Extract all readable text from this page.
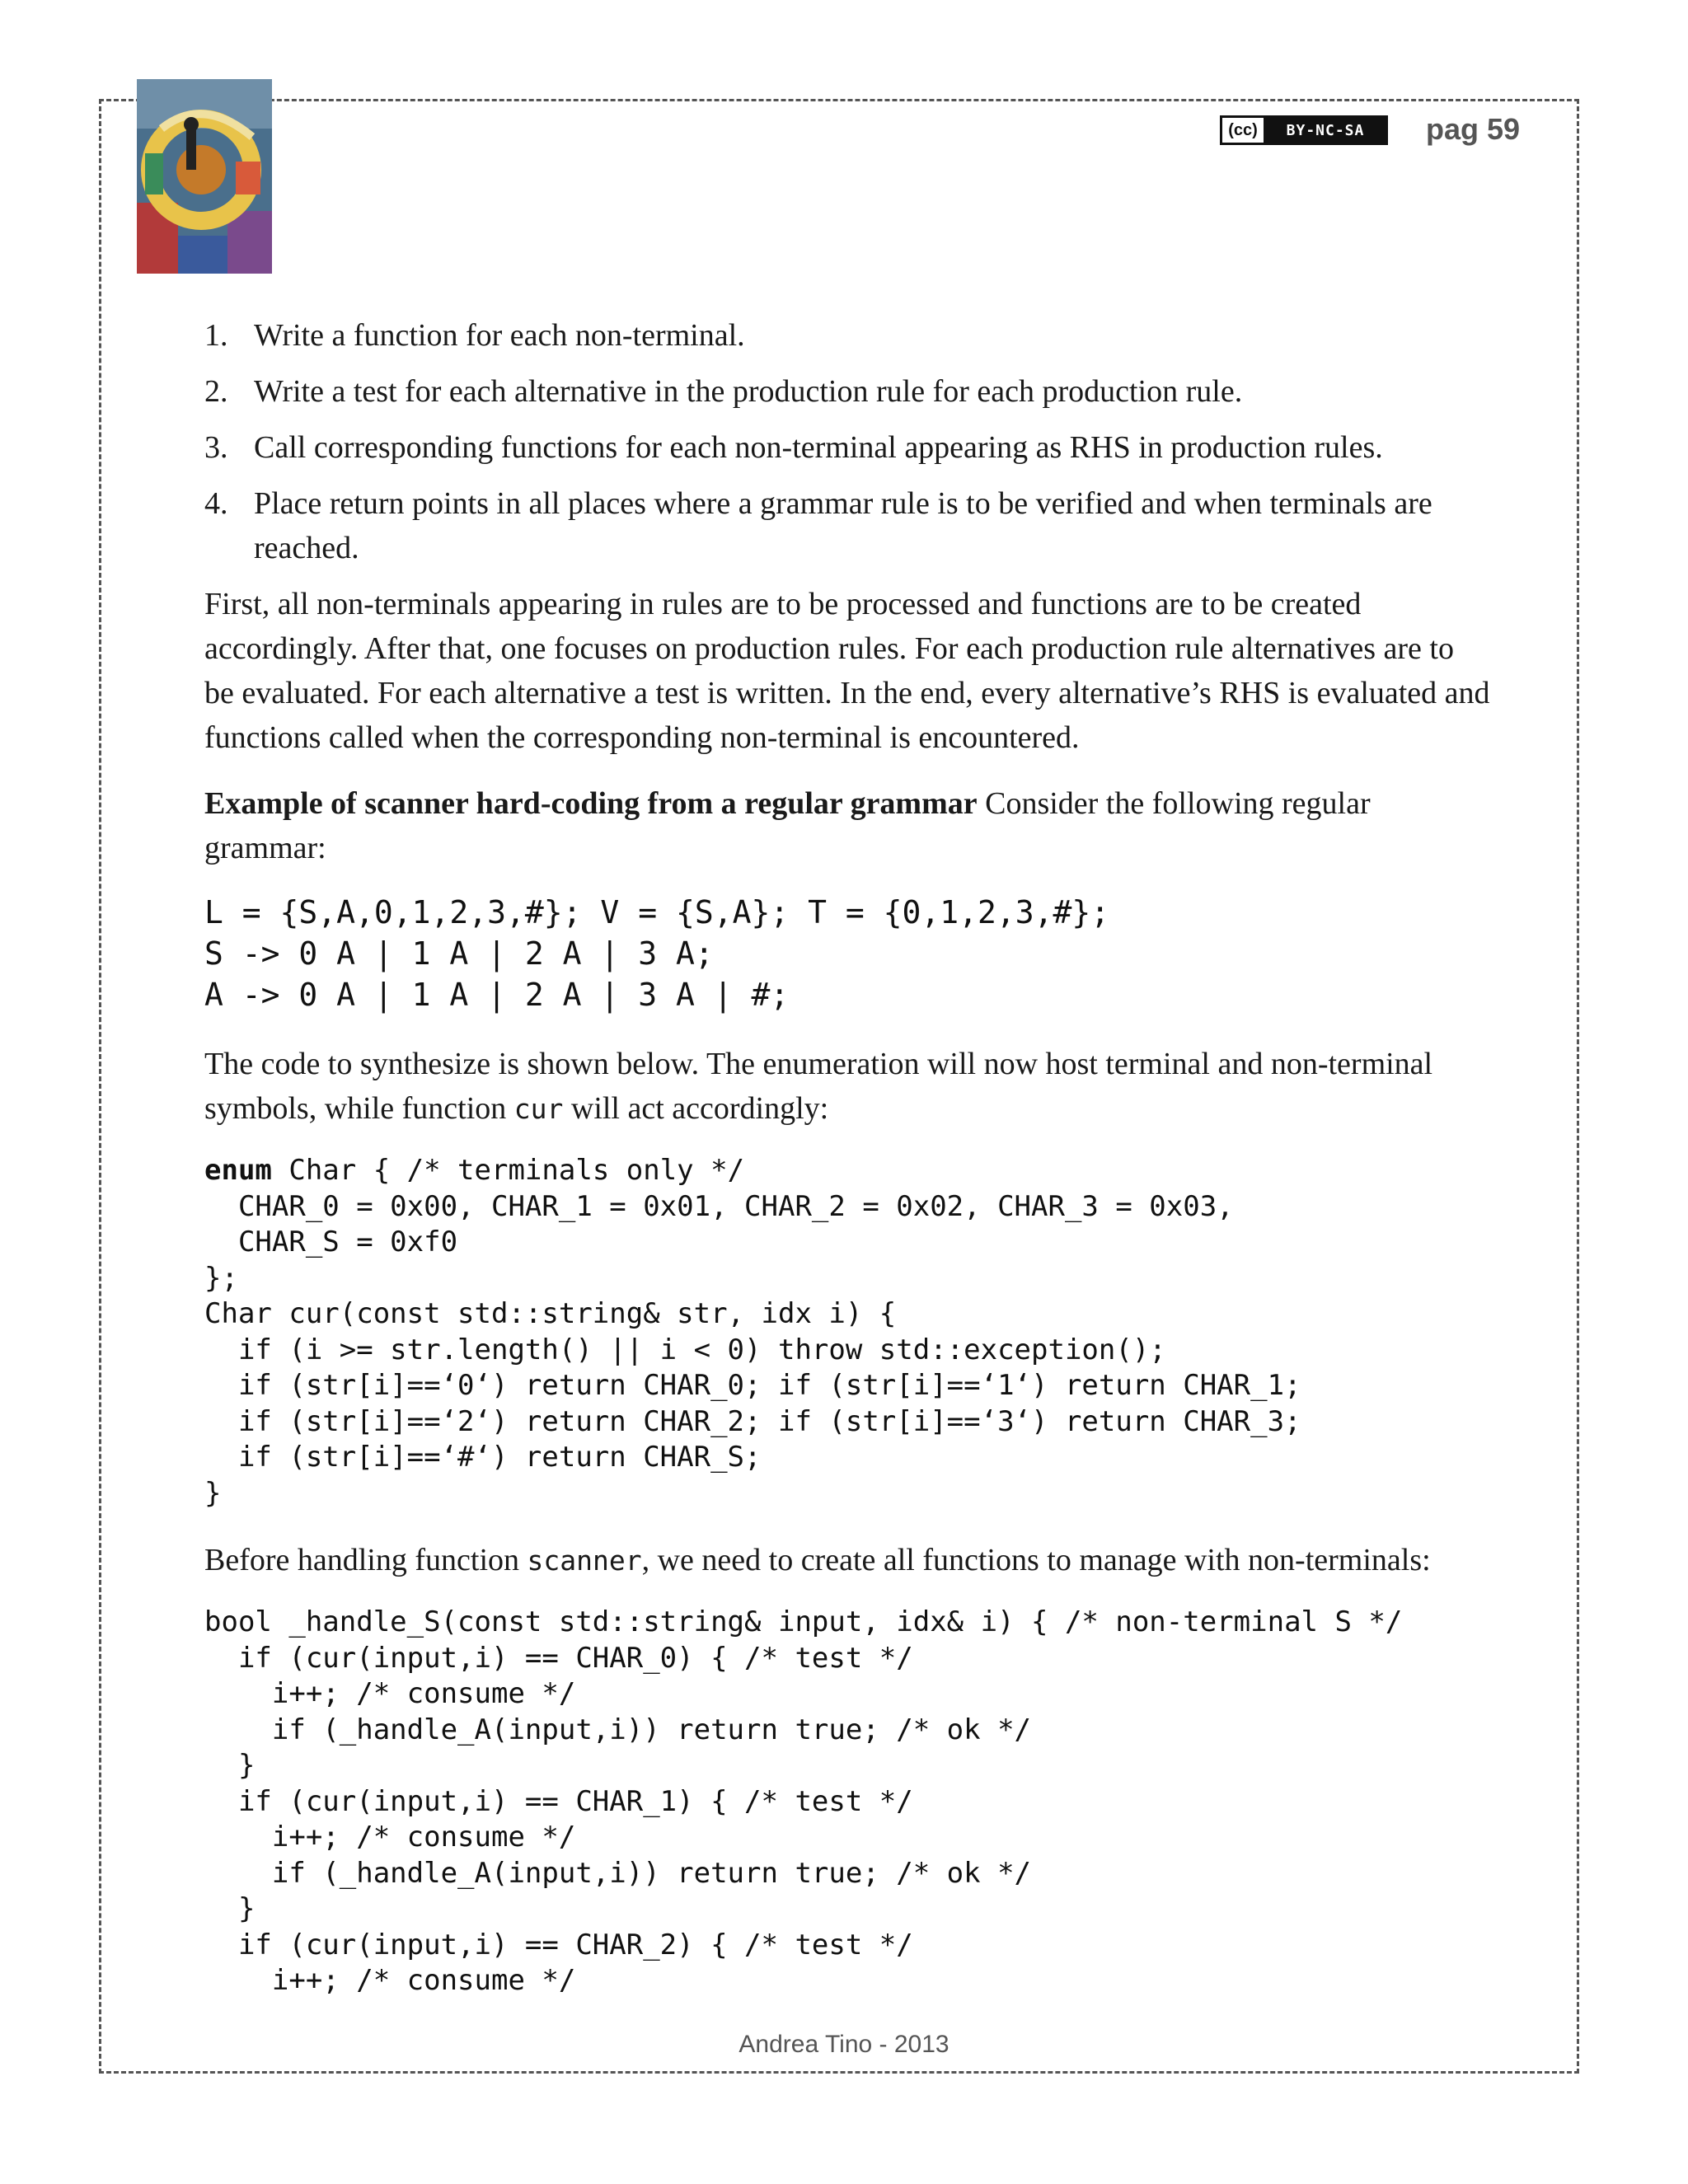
(cc)	BY-NC-SA	pag 59
1. Write a function for each non-terminal.
2. Write a test for each alternative in the production rule for each production rule.
3. Call corresponding functions for each non-terminal appearing as RHS in production rules.
4. Place return points in all places where a grammar rule is to be verified and when terminals are reached.

First, all non-terminals appearing in rules are to be processed and functions are to be created accordingly. After that, one focuses on production rules. For each production rule alternatives are to be evaluated. For each alternative a test is written. In the end, every alternative’s RHS is evaluated and functions called when the corresponding non-terminal is encountered.

Example of scanner hard-coding from a regular grammar Consider the following regular grammar:

L = {S,A,0,1,2,3,#}; V = {S,A}; T = {0,1,2,3,#};
S -> 0 A | 1 A | 2 A | 3 A;
A -> 0 A | 1 A | 2 A | 3 A | #;

The code to synthesize is shown below. The enumeration will now host terminal and non-terminal symbols, while function cur will act accordingly:

enum Char { /* terminals only */
CHAR_0 = 0x00, CHAR_1 = 0x01, CHAR_2 = 0x02, CHAR_3 = 0x03,
CHAR_S = 0xf0
};
Char cur(const std::string& str, idx i) {
if (i >= str.length() || i < 0) throw std::exception();
if (str[i]==‘0‘) return CHAR_0; if (str[i]==‘1‘) return CHAR_1;
if (str[i]==‘2‘) return CHAR_2; if (str[i]==‘3‘) return CHAR_3;
if (str[i]==‘#‘) return CHAR_S;
}

Before handling function scanner, we need to create all functions to manage with non-terminals:

bool _handle_S(const std::string& input, idx& i) { /* non-terminal S */
if (cur(input,i) == CHAR_0) { /* test */
i++; /* consume */
if (_handle_A(input,i)) return true; /* ok */
}
if (cur(input,i) == CHAR_1) { /* test */
i++; /* consume */
if (_handle_A(input,i)) return true; /* ok */
}
if (cur(input,i) == CHAR_2) { /* test */
i++; /* consume */
Andrea Tino - 2013
